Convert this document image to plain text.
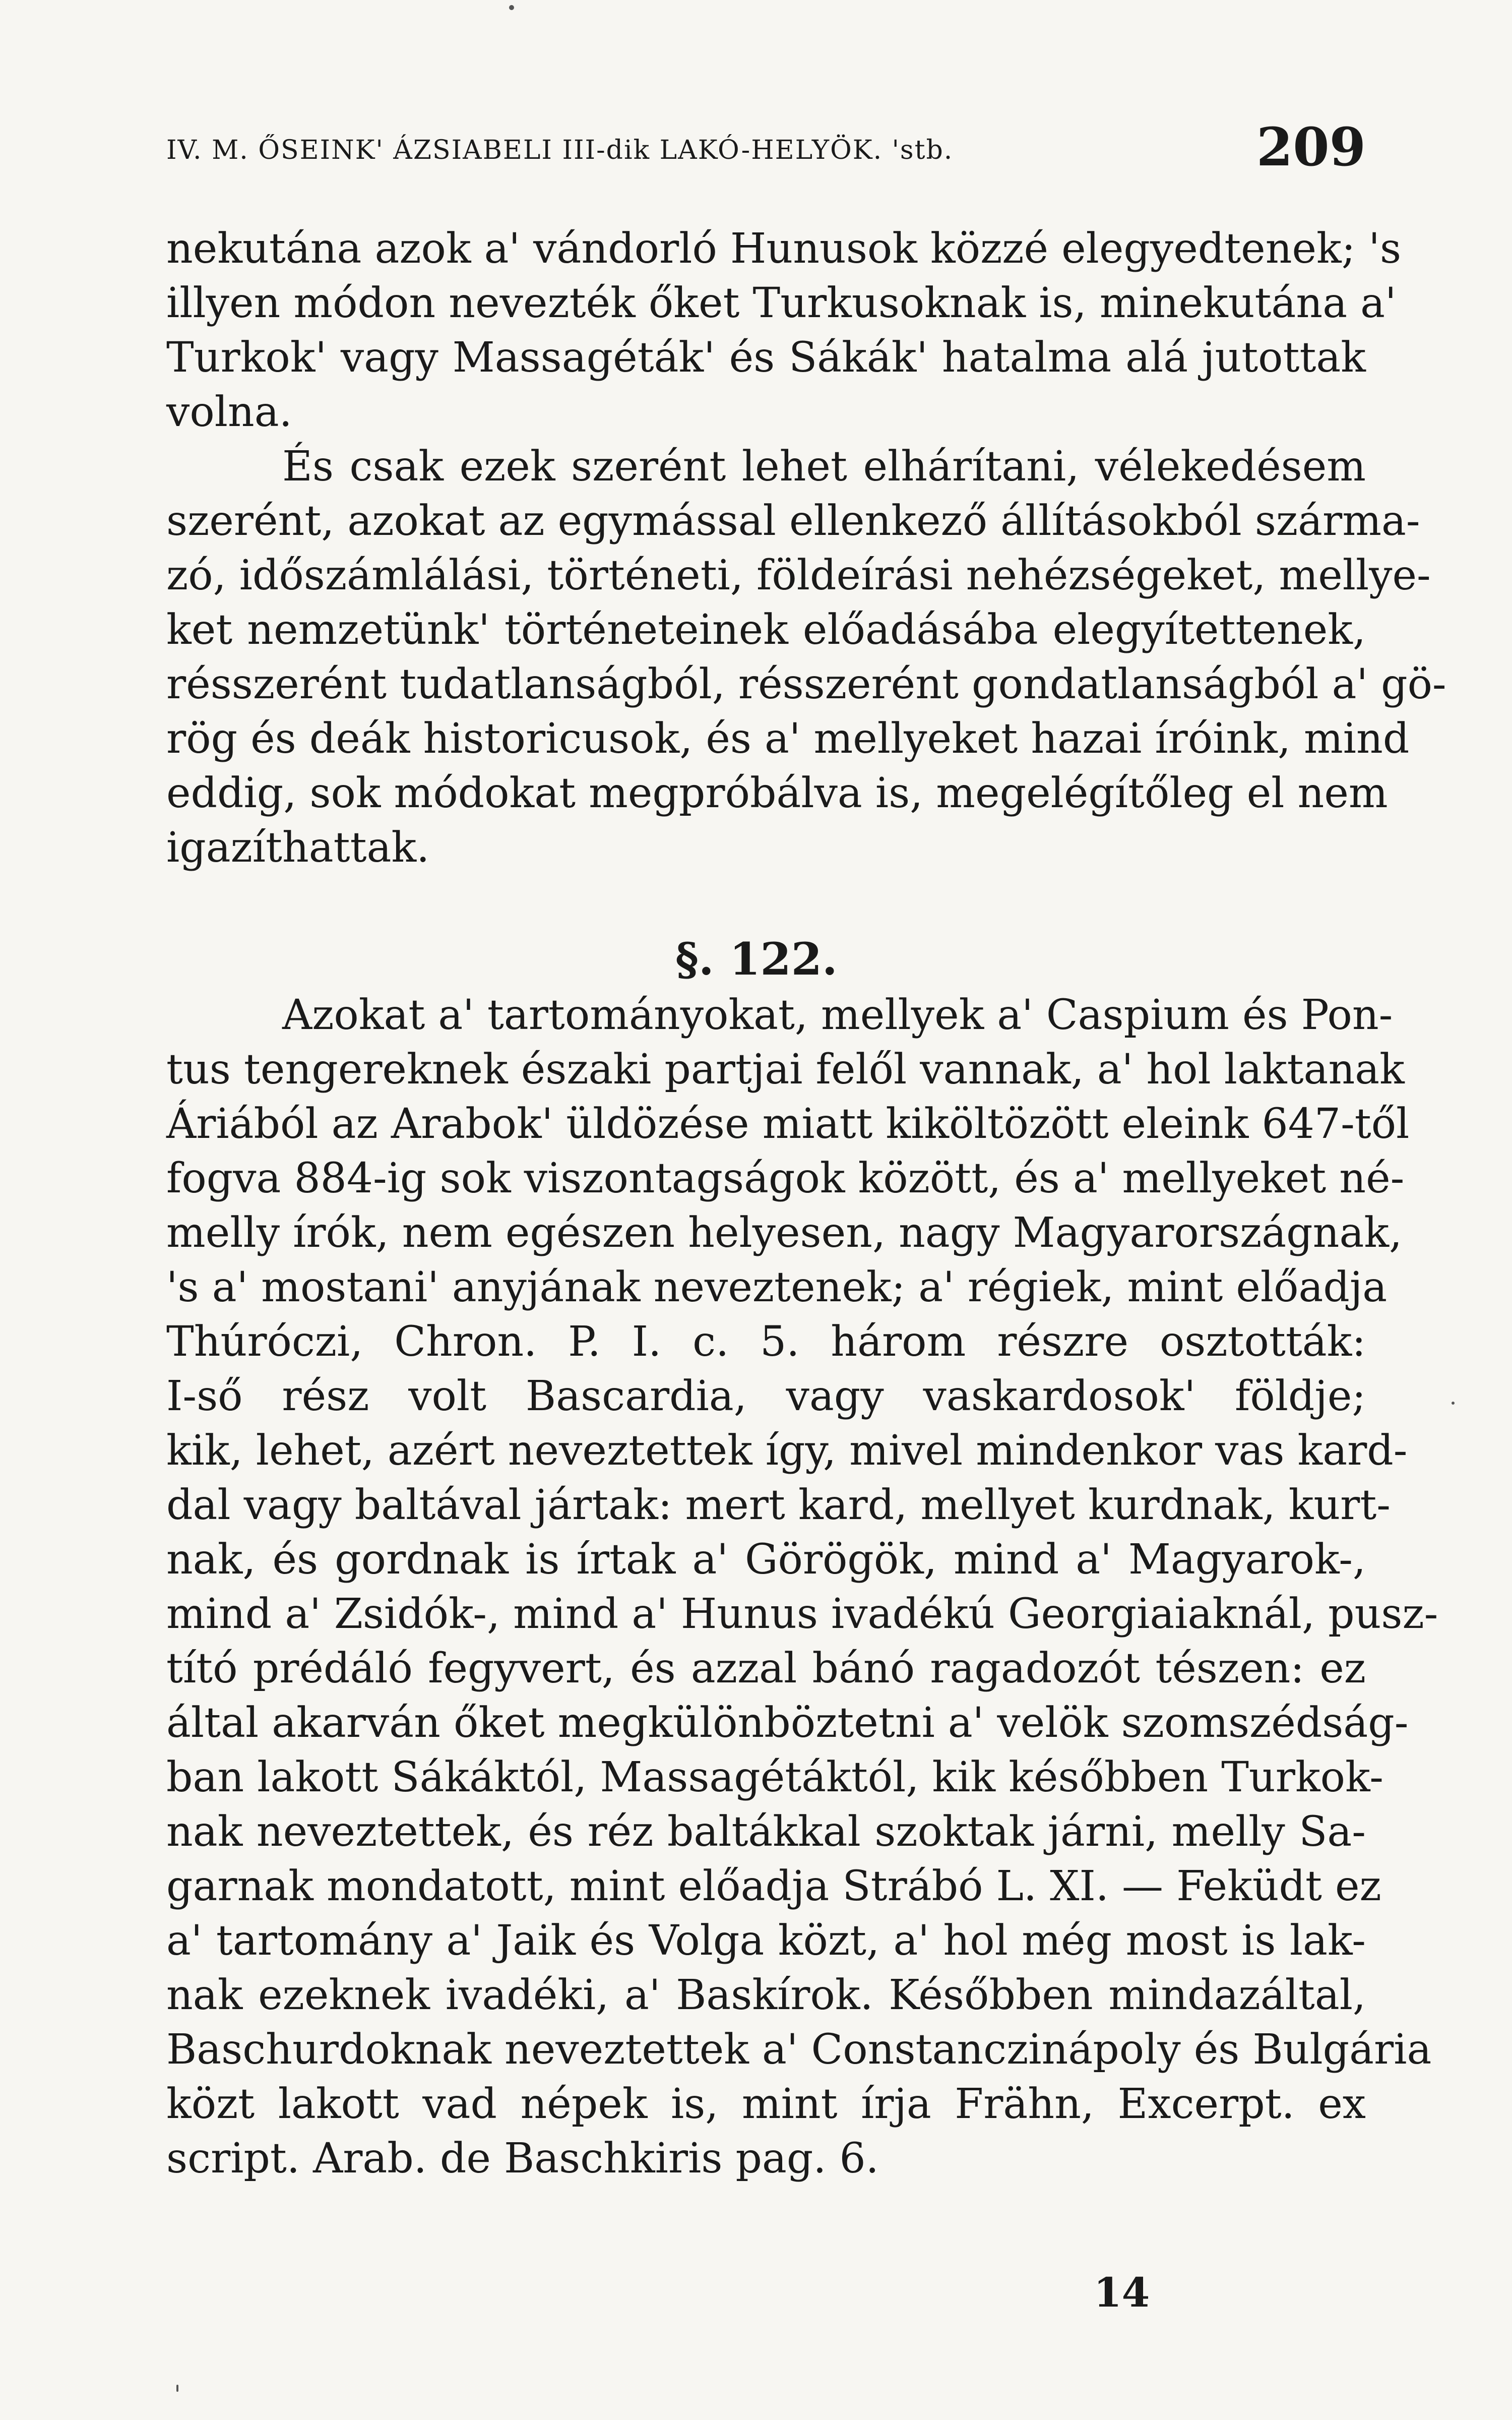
IV. M. ŐSEINK' ÁZSIABELI III-dik LAKÓ-HELYÖK. 'stb.	209
nekutána azok a' vándorló Hunusok közzé elegyedtenek; 's
illyen módon nevezték őket Turkusoknak is, minekutána a'
Turkok' vagy Massagéták' és Sákák' hatalma alá jutottak
volna.
És csak ezek szerént lehet elhárítani, vélekedésem
szerént, azokat az egymással ellenkező állításokból szárma-
zó, időszámlálási, történeti, földeírási nehézségeket, mellye-
ket nemzetünk' történeteinek előadásába elegyítettenek,
résszerént tudatlanságból, résszerént gondatlanságból a' gö-
rög és deák historicusok, és a' mellyeket hazai íróink, mind
eddig, sok módokat megpróbálva is, megelégítőleg el nem
igazíthattak.
§. 122.
Azokat a' tartományokat, mellyek a' Caspium és Pon-
tus tengereknek északi partjai felől vannak, a' hol laktanak
Áriából az Arabok' üldözése miatt kiköltözött eleink 647-től
fogva 884-ig sok viszontagságok között, és a' mellyeket né-
melly írók, nem egészen helyesen, nagy Magyarországnak,
's a' mostani' anyjának neveztenek; a' régiek, mint előadja
Thúróczi, Chron. P. I. c. 5. három részre osztották:
I-ső rész volt Bascardia, vagy vaskardosok' földje;
kik, lehet, azért neveztettek így, mivel mindenkor vas kard-
dal vagy baltával jártak: mert kard, mellyet kurdnak, kurt-
nak, és gordnak is írtak a' Görögök, mind a' Magyarok-,
mind a' Zsidók-, mind a' Hunus ivadékú Georgiaiaknál, pusz-
tító prédáló fegyvert, és azzal bánó ragadozót tészen: ez
által akarván őket megkülönböztetni a' velök szomszédság-
ban lakott Sákáktól, Massagétáktól, kik későbben Turkok-
nak neveztettek, és réz baltákkal szoktak járni, melly Sa-
garnak mondatott, mint előadja Strábó L. XI. — Feküdt ez
a' tartomány a' Jaik és Volga közt, a' hol még most is lak-
nak ezeknek ivadéki, a' Baskírok. Későbben mindazáltal,
Baschurdoknak neveztettek a' Constanczinápoly és Bulgária
közt lakott vad népek is, mint írja Frähn, Excerpt. ex
script. Arab. de Baschkiris pag. 6.
14
